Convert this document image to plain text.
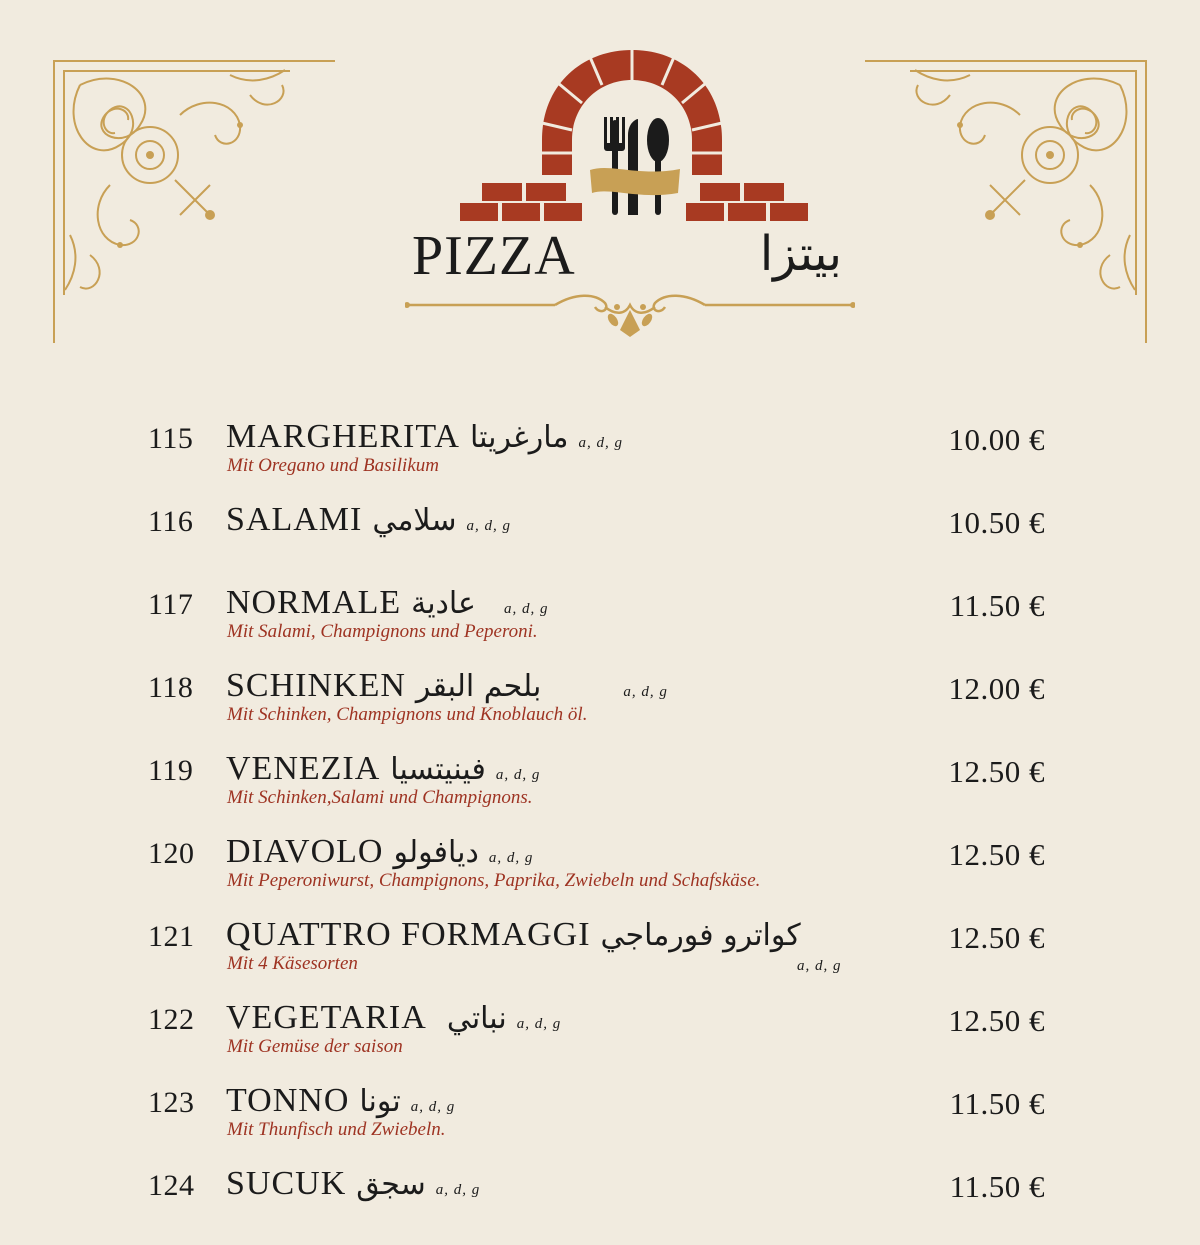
PIZZA	بيتزا
115 MARGHERITA مارغريتا a, d, g
Mit Oregano und Basilikum
10.00 €
116 SALAMI سلامي a, d, g	10.50 €
117 NORMALE عادية a, d, g
Mit Salami, Champignons und Peperoni.
11.50 €
118 SCHINKEN بلحم البقر	a, d, g
Mit Schinken, Champignons und Knoblauch öl.
12.00 €
119 VENEZIA فينيتسيا a, d, g
Mit Schinken,Salami und Champignons.
12.50 €
120 DIAVOLO ديافولو a, d, g
Mit Peperoniwurst, Champignons, Paprika, Zwiebeln und Schafskäse.
12.50 €
121 QUATTRO FORMAGGI كواترو فورماجي
a, d, g
Mit 4 Käsesorten
12.50 €
122 VEGETARIA نباتي a, d, g
Mit Gemüse der saison
12.50 €
123 TONNO تونا a, d, g
Mit Thunfisch und Zwiebeln.
11.50 €
124 SUCUK سجق a, d, g	11.50 €
